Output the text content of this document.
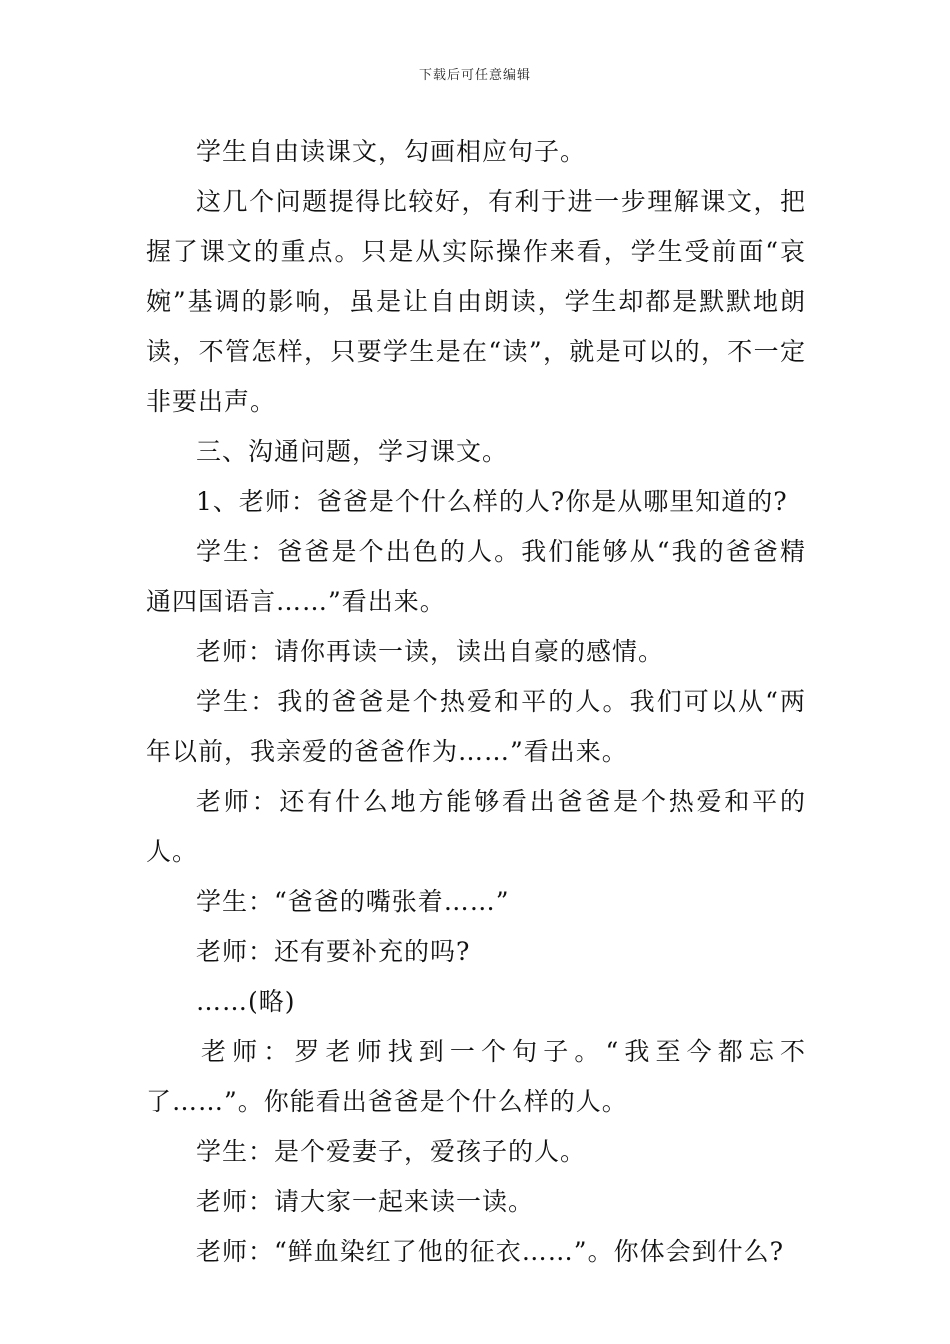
下载后可任意编辑

学生自由读课文，勾画相应句子。

这几个问题提得比较好，有利于进一步理解课文，把握了课文的重点。只是从实际操作来看，学生受前面“哀婉”基调的影响，虽是让自由朗读，学生却都是默默地朗读，不管怎样，只要学生是在“读”，就是可以的，不一定非要出声。

三、沟通问题，学习课文。

1、老师：爸爸是个什么样的人?你是从哪里知道的?

学生：爸爸是个出色的人。我们能够从“我的爸爸精通四国语言……”看出来。

老师：请你再读一读，读出自豪的感情。

学生：我的爸爸是个热爱和平的人。我们可以从“两年以前，我亲爱的爸爸作为……”看出来。

老师：还有什么地方能够看出爸爸是个热爱和平的人。

学生：“爸爸的嘴张着……”

老师：还有要补充的吗?

……(略)

老师：罗老师找到一个句子。“我至今都忘不了……”。你能看出爸爸是个什么样的人。

学生：是个爱妻子，爱孩子的人。

老师：请大家一起来读一读。

老师：“鲜血染红了他的征衣……”。你体会到什么?
